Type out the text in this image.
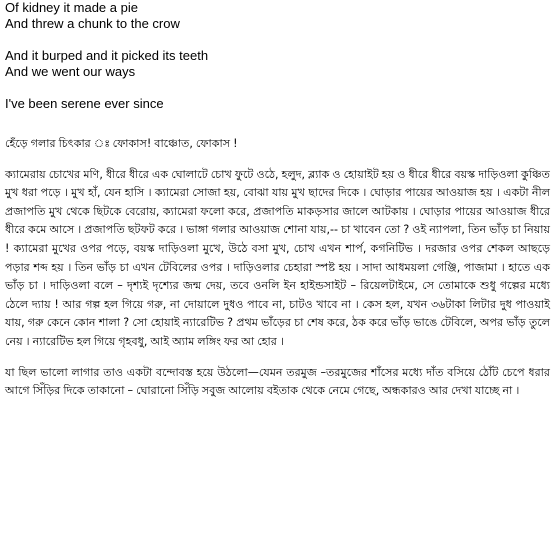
Of kidney it made a pie

And threw a chunk to the crow

And it burped and it picked its teeth

And we went our ways

I've been serene ever since

হেঁড়ে গলার চিৎকার ঃ ফোকাস! বাঞ্চোত, ফোকাস !

ক্যামেরায় চোখের মণি, ধীরে ধীরে এক ঘোলাটে চোখ ফুটে ওঠে, হলুদ, ব্ল্যাক ও হোয়াইট হয় ও ধীরে ধীরে বয়স্ক দাড়িওলা কুঞ্চিত মুখ ধরা পড়ে । মুখ হাঁ, যেন হাসি । ক্যামেরা সোজা হয়, বোঝা যায় মুখ ছাদের দিকে । ঘোড়ার পায়ের আওয়াজ হয় । একটা নীল প্রজাপতি মুখ থেকে ছিটকে বেরোয়, ক্যামেরা ফলো করে, প্রজাপতি মাকড়সার জালে আটকায় । ঘোড়ার পায়ের আওয়াজ ধীরে ধীরে কমে আসে । প্রজাপতি ছটফট করে । ভাঙ্গা গলার আওয়াজ শোনা যায়,-- চা খাবেন তো ? ওই ন্যাপলা, তিন ভাঁড় চা নিয়ায় ! ক্যামেরা মুখের ওপর পড়ে, বয়স্ক দাড়িওলা মুখে, উঠে বসা মুখ, চোখ এখন শার্প, কগনিটিভ । দরজার ওপর শেকল আছড়ে পড়ার শব্দ হয় । তিন ভাঁড় চা এখন টেবিলের ওপর । দাড়িওলার চেহারা স্পষ্ট হয় । সাদা আধময়লা গেঞ্জি, পাজামা । হাতে এক ভাঁড় চা । দাড়িওলা বলে – দৃশ্যই দৃশ্যের জন্ম দেয়, তবে ওনলি ইন হাইন্ডসাইট – রিয়েলটাইমে, সে তোমাকে শুধু গল্পের মধ্যে ঠেলে দ্যায় ! আর গল্প হল গিয়ে গরু, না দোয়ালে দুধও পাবে না, চাটও খাবে না । কেস হল, যখন ৩৬টাকা লিটার দুধ পাওয়াই যায়, গরু কেনে কোন শালা ? সো হোয়াই ন্যারেটিভ ? প্রথম ভাঁড়ের চা শেষ করে, ঠক করে ভাঁড় ভাঙে টেবিলে, অপর ভাঁড় তুলে নেয় । ন্যারেটিভ হল গিয়ে গৃহবধু, আই অ্যাম লঙ্গিং ফর আ হোর ।

যা ছিল ভালো লাগার তাও একটা বন্দোবস্ত হয়ে উঠলো—যেমন তরমুজ –তরমুজের শাঁসের মধ্যে দাঁত বসিয়ে ঠোঁট চেপে ধরার আগে সিঁড়ির দিকে তাকানো – ঘোরানো সিঁড়ি সবুজ আলোয় বইতাক থেকে নেমে গেছে, অন্ধকারও আর দেখা যাচ্ছে না ।
